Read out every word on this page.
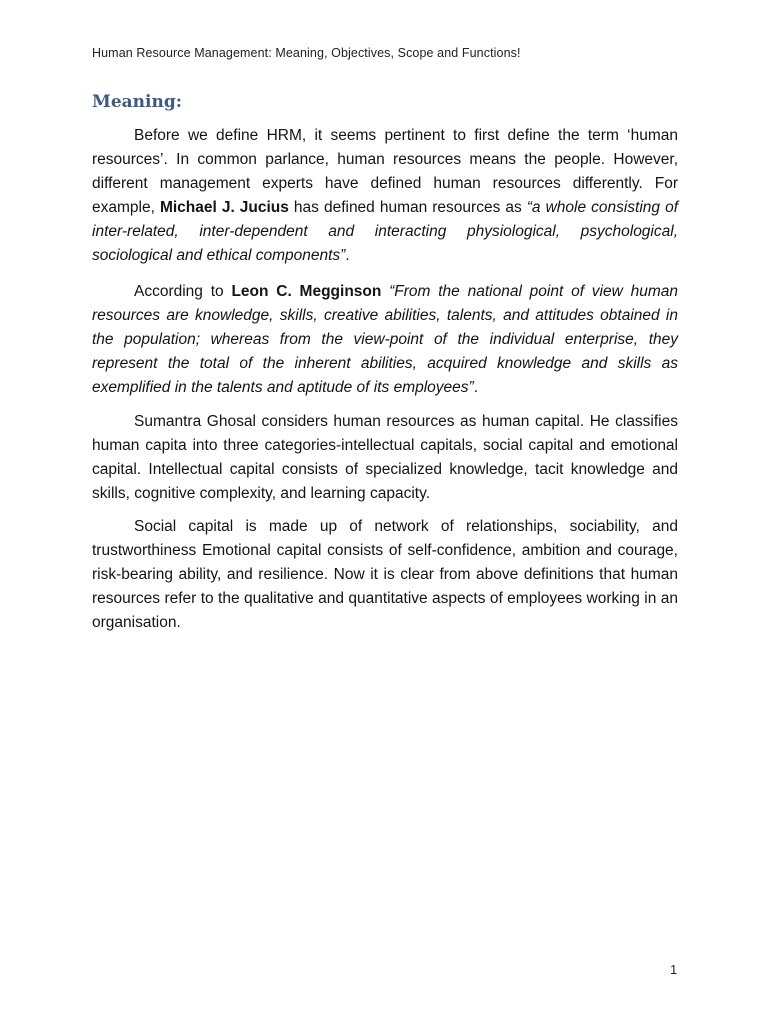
Human Resource Management: Meaning, Objectives, Scope and Functions!
Meaning:

Before we define HRM, it seems pertinent to first define the term ‘human resources’. In common parlance, human resources means the people. However, different management experts have defined human resources differently. For example, Michael J. Jucius has defined human resources as “a whole consisting of inter-related, inter-dependent and interacting physiological, psychological, sociological and ethical components”.

According to Leon C. Megginson “From the national point of view human resources are knowledge, skills, creative abilities, talents, and attitudes obtained in the population; whereas from the view-point of the individual enterprise, they represent the total of the inherent abilities, acquired knowledge and skills as exemplified in the talents and aptitude of its employees”.

Sumantra Ghosal considers human resources as human capital. He classifies human capita into three categories-intellectual capitals, social capital and emotional capital. Intellectual capital consists of specialized knowledge, tacit knowledge and skills, cognitive complexity, and learning capacity.

Social capital is made up of network of relationships, sociability, and trustworthiness Emotional capital consists of self-confidence, ambition and courage, risk-bearing ability, and resilience. Now it is clear from above definitions that human resources refer to the qualitative and quantitative aspects of employees working in an organisation.

1
